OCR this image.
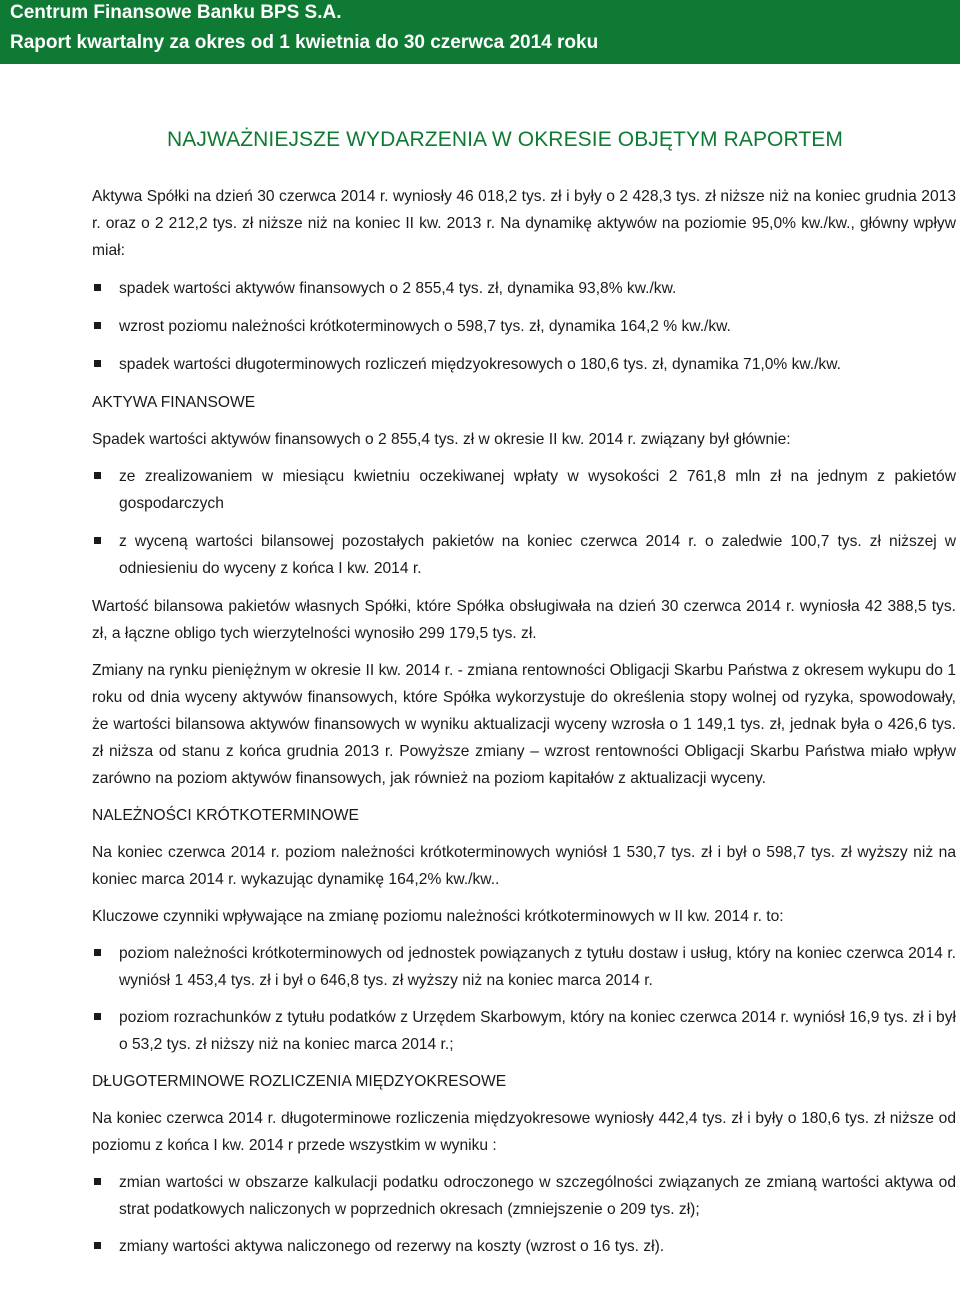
Centrum Finansowe Banku BPS S.A.
Raport kwartalny za okres od 1 kwietnia do 30 czerwca 2014 roku
NAJWAŻNIEJSZE WYDARZENIA W OKRESIE OBJĘTYM RAPORTEM

Aktywa Spółki na dzień 30 czerwca 2014 r. wyniosły 46 018,2 tys. zł i były o 2 428,3 tys. zł niższe niż na koniec grudnia 2013 r. oraz o 2 212,2 tys. zł niższe niż na koniec II kw. 2013 r. Na dynamikę aktywów na poziomie 95,0% kw./kw., główny wpływ miał:

spadek wartości aktywów finansowych o 2 855,4 tys. zł, dynamika 93,8% kw./kw.
wzrost poziomu należności krótkoterminowych o 598,7 tys. zł, dynamika 164,2 % kw./kw.
spadek wartości długoterminowych rozliczeń międzyokresowych o 180,6 tys. zł, dynamika 71,0% kw./kw.

AKTYWA FINANSOWE

Spadek wartości aktywów finansowych o 2 855,4 tys. zł w okresie II kw. 2014 r. związany był głównie:

ze zrealizowaniem w miesiącu kwietniu oczekiwanej wpłaty w wysokości 2 761,8 mln zł na jednym z pakietów gospodarczych
z wyceną wartości bilansowej pozostałych pakietów na koniec czerwca 2014 r. o zaledwie 100,7 tys. zł niższej w odniesieniu do wyceny z końca I kw. 2014 r.

Wartość bilansowa pakietów własnych Spółki, które Spółka obsługiwała na dzień 30 czerwca 2014 r. wyniosła 42 388,5 tys. zł, a łączne obligo tych wierzytelności wynosiło 299 179,5 tys. zł.

Zmiany na rynku pieniężnym w okresie II kw. 2014 r. - zmiana rentowności Obligacji Skarbu Państwa z okresem wykupu do 1 roku od dnia wyceny aktywów finansowych, które Spółka wykorzystuje do określenia stopy wolnej od ryzyka, spowodowały, że wartości bilansowa aktywów finansowych w wyniku aktualizacji wyceny wzrosła o 1 149,1 tys. zł, jednak była o 426,6 tys. zł niższa od stanu z końca grudnia 2013 r. Powyższe zmiany – wzrost rentowności Obligacji Skarbu Państwa miało wpływ zarówno na poziom aktywów finansowych, jak również na poziom kapitałów z aktualizacji wyceny.

NALEŻNOŚCI KRÓTKOTERMINOWE

Na koniec czerwca 2014 r. poziom należności krótkoterminowych wyniósł 1 530,7 tys. zł i był o 598,7 tys. zł wyższy niż na koniec marca 2014 r. wykazując dynamikę 164,2% kw./kw..

Kluczowe czynniki wpływające na zmianę poziomu należności krótkoterminowych w II kw. 2014 r. to:

poziom należności krótkoterminowych od jednostek powiązanych z tytułu dostaw i usług, który na koniec czerwca 2014 r. wyniósł 1 453,4 tys. zł i był o 646,8 tys. zł wyższy niż na koniec marca 2014 r.
poziom rozrachunków z tytułu podatków z Urzędem Skarbowym, który na koniec czerwca 2014 r. wyniósł 16,9 tys. zł i był o 53,2 tys. zł niższy niż na koniec marca 2014 r.;

DŁUGOTERMINOWE ROZLICZENIA MIĘDZYOKRESOWE

Na koniec czerwca 2014 r. długoterminowe rozliczenia międzyokresowe wyniosły 442,4 tys. zł i były o 180,6 tys. zł niższe od poziomu z końca I kw. 2014 r przede wszystkim w wyniku :

zmian wartości w obszarze kalkulacji podatku odroczonego w szczególności związanych ze zmianą wartości aktywa od strat podatkowych naliczonych w poprzednich okresach (zmniejszenie o 209 tys. zł);
zmiany wartości aktywa naliczonego od rezerwy na koszty (wzrost o 16 tys. zł).
